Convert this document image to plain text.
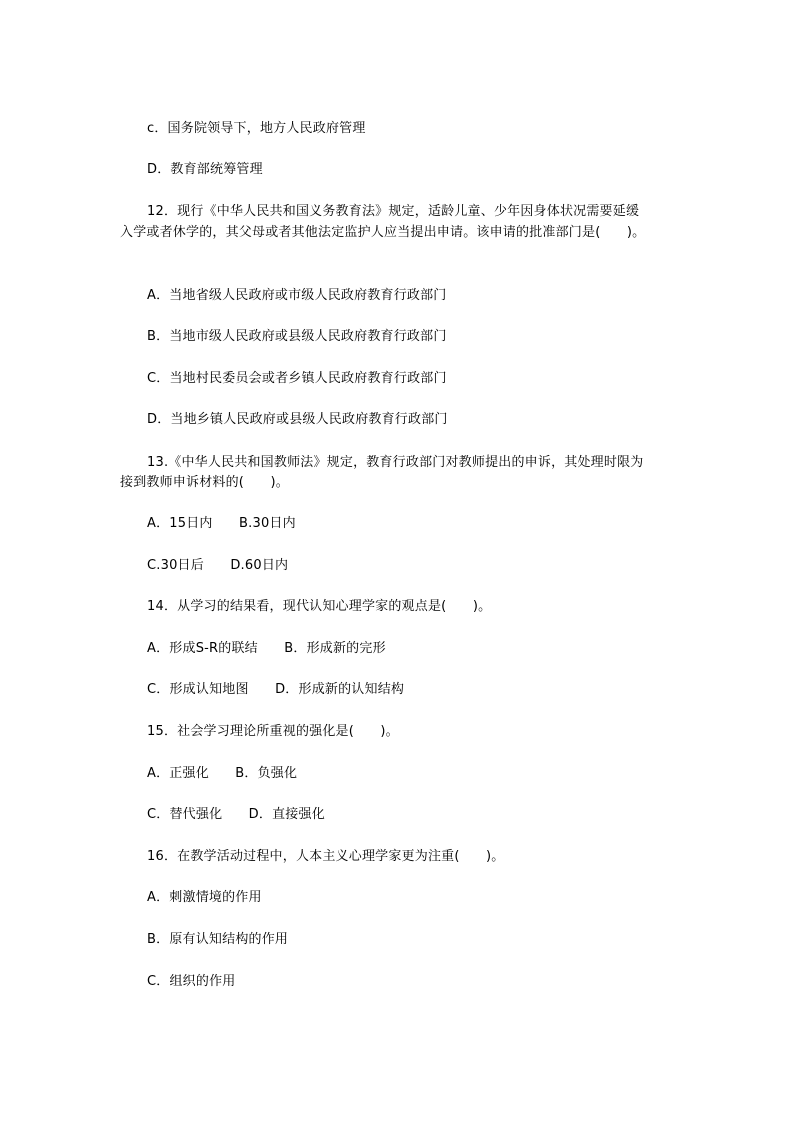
c．国务院领导下，地方人民政府管理
D．教育部统筹管理
12．现行《中华人民共和国义务教育法》规定，适龄儿童、少年因身体状况需要延缓
入学或者休学的，其父母或者其他法定监护人应当提出申请。该申请的批准部门是(　　)。
A．当地省级人民政府或市级人民政府教育行政部门
B．当地市级人民政府或县级人民政府教育行政部门
C．当地村民委员会或者乡镇人民政府教育行政部门
D．当地乡镇人民政府或县级人民政府教育行政部门
13.《中华人民共和国教师法》规定，教育行政部门对教师提出的申诉，其处理时限为
接到教师申诉材料的(　　)。
A．15日内　　B.30日内
C.30日后　　D.60日内
14．从学习的结果看，现代认知心理学家的观点是(　　)。
A．形成S-R的联结　　B．形成新的完形
C．形成认知地图　　D．形成新的认知结构
15．社会学习理论所重视的强化是(　　)。
A．正强化　　B．负强化
C．替代强化　　D．直接强化
16．在教学活动过程中，人本主义心理学家更为注重(　　)。
A．刺激情境的作用
B．原有认知结构的作用
C．组织的作用
